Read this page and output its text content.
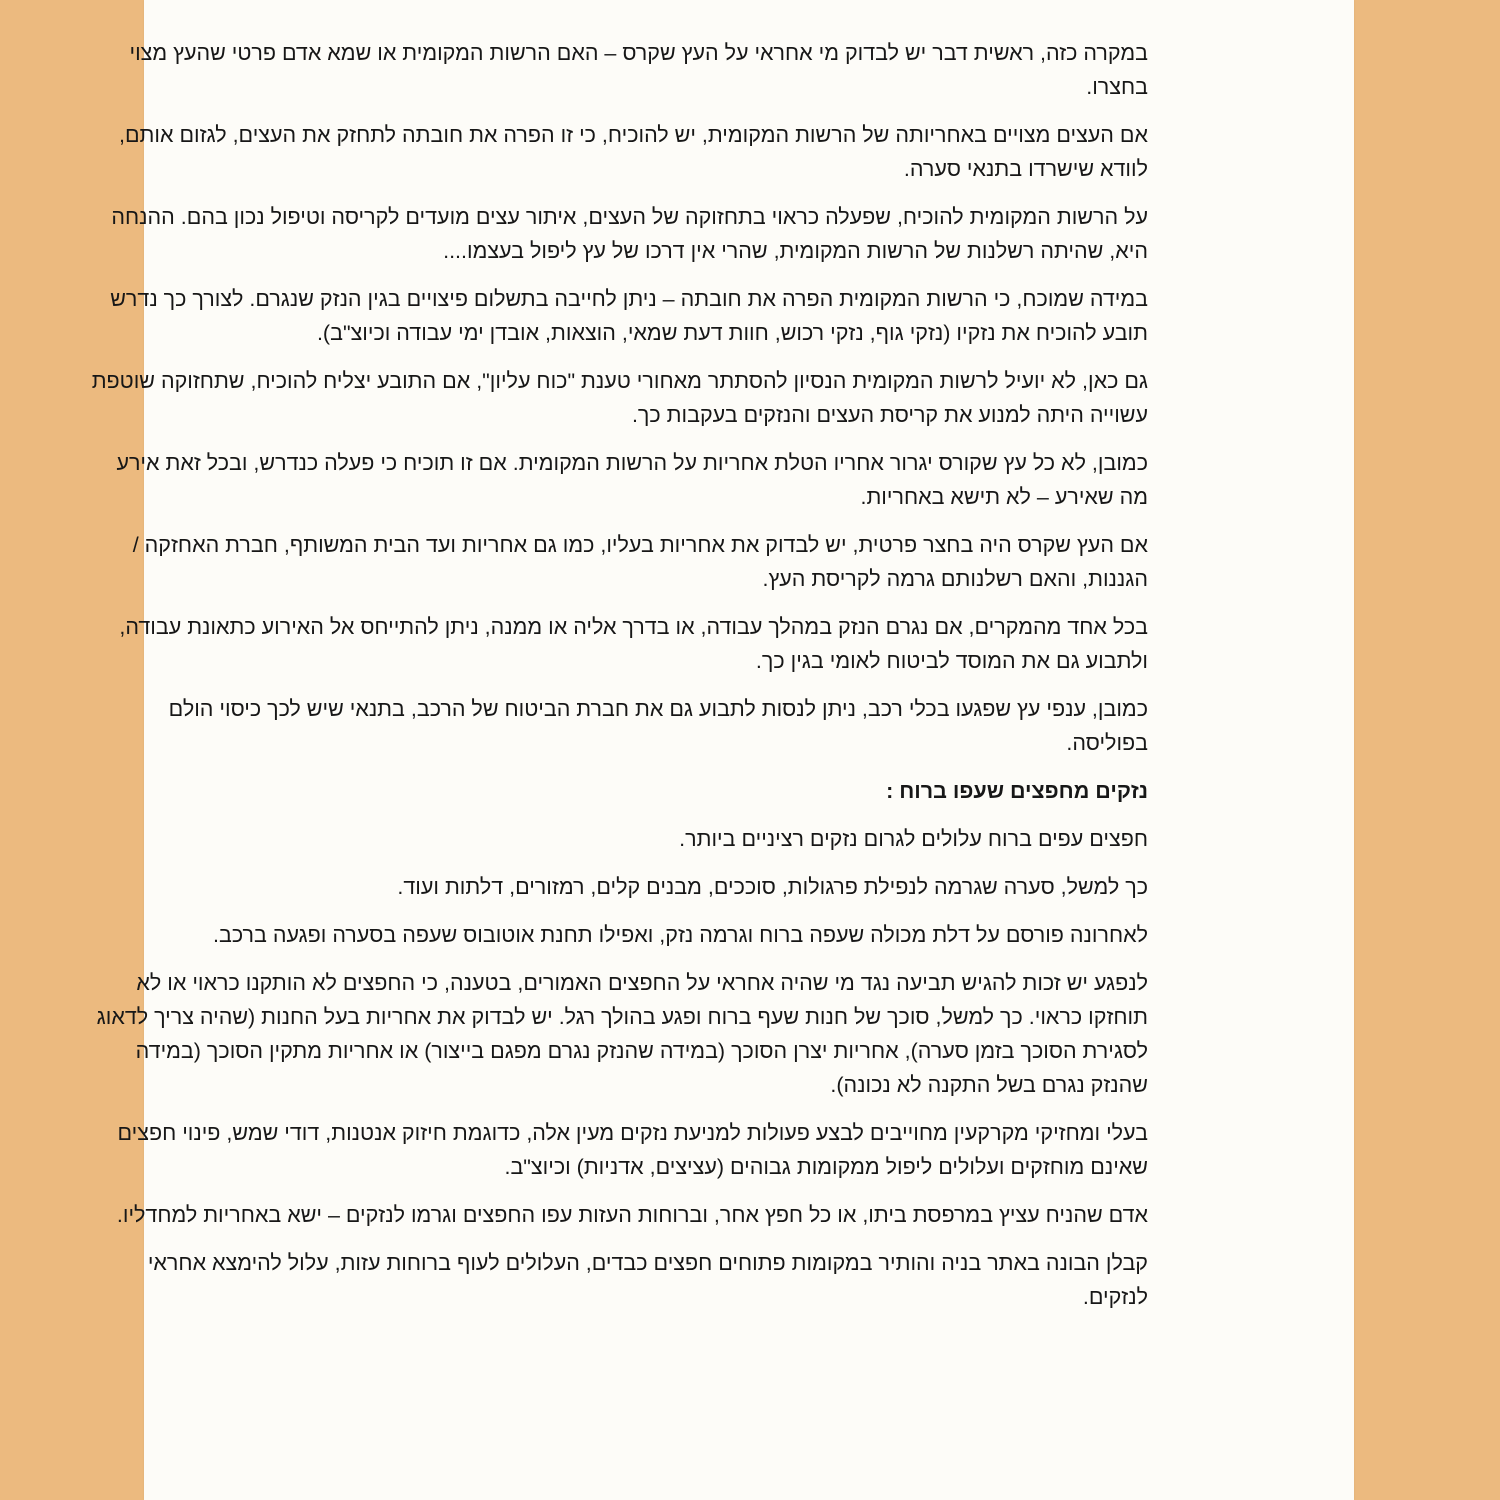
במקרה כזה, ראשית דבר יש לבדוק מי אחראי על העץ שקרס – האם הרשות המקומית או שמא אדם פרטי שהעץ מצוי בחצרו.

אם העצים מצויים באחריותה של הרשות המקומית, יש להוכיח, כי זו הפרה את חובתה לתחזק את העצים, לגזום אותם, לוודא שישרדו בתנאי סערה.

על הרשות המקומית להוכיח, שפעלה כראוי בתחזוקה של העצים, איתור עצים מועדים לקריסה וטיפול נכון בהם. ההנחה היא, שהיתה רשלנות של הרשות המקומית, שהרי אין דרכו של עץ ליפול בעצמו....

במידה שמוכח, כי הרשות המקומית הפרה את חובתה – ניתן לחייבה בתשלום פיצויים בגין הנזק שנגרם. לצורך כך נדרש תובע להוכיח את נזקיו (נזקי גוף, נזקי רכוש, חוות דעת שמאי, הוצאות, אובדן ימי עבודה וכיוצ"ב).

גם כאן, לא יועיל לרשות המקומית הנסיון להסתתר מאחורי טענת "כוח עליון", אם התובע יצליח להוכיח, שתחזוקה שוטפת עשוייה היתה למנוע את קריסת העצים והנזקים בעקבות כך.

כמובן, לא כל עץ שקורס יגרור אחריו הטלת אחריות על הרשות המקומית. אם זו תוכיח כי פעלה כנדרש, ובכל זאת אירע מה שאירע – לא תישא באחריות.

אם העץ שקרס היה בחצר פרטית, יש לבדוק את אחריות בעליו, כמו גם אחריות ועד הבית המשותף, חברת האחזקה / הגננות, והאם רשלנותם גרמה לקריסת העץ.

בכל אחד מהמקרים, אם נגרם הנזק במהלך עבודה, או בדרך אליה או ממנה, ניתן להתייחס אל האירוע כתאונת עבודה, ולתבוע גם את המוסד לביטוח לאומי בגין כך.

כמובן, ענפי עץ שפגעו בכלי רכב, ניתן לנסות לתבוע גם את חברת הביטוח של הרכב, בתנאי שיש לכך כיסוי הולם בפוליסה.

נזקים מחפצים שעפו ברוח :

חפצים עפים ברוח עלולים לגרום נזקים רציניים ביותר.

כך למשל, סערה שגרמה לנפילת פרגולות, סוככים, מבנים קלים, רמזורים, דלתות ועוד.

לאחרונה פורסם על דלת מכולה שעפה ברוח וגרמה נזק, ואפילו תחנת אוטובוס שעפה בסערה ופגעה ברכב.

לנפגע יש זכות להגיש תביעה נגד מי שהיה אחראי על החפצים האמורים, בטענה, כי החפצים לא הותקנו כראוי או לא תוחזקו כראוי. כך למשל, סוכך של חנות שעף ברוח ופגע בהולך רגל. יש לבדוק את אחריות בעל החנות (שהיה צריך לדאוג לסגירת הסוכך בזמן סערה), אחריות יצרן הסוכך (במידה שהנזק נגרם מפגם בייצור) או אחריות מתקין הסוכך (במידה שהנזק נגרם בשל התקנה לא נכונה).

בעלי ומחזיקי מקרקעין מחוייבים לבצע פעולות למניעת נזקים מעין אלה, כדוגמת חיזוק אנטנות, דודי שמש, פינוי חפצים שאינם מוחזקים ועלולים ליפול ממקומות גבוהים (עציצים, אדניות) וכיוצ"ב.

אדם שהניח עציץ במרפסת ביתו, או כל חפץ אחר, וברוחות העזות עפו החפצים וגרמו לנזקים – ישא באחריות למחדליו.

קבלן הבונה באתר בניה והותיר במקומות פתוחים חפצים כבדים, העלולים לעוף ברוחות עזות, עלול להימצא אחראי לנזקים.
